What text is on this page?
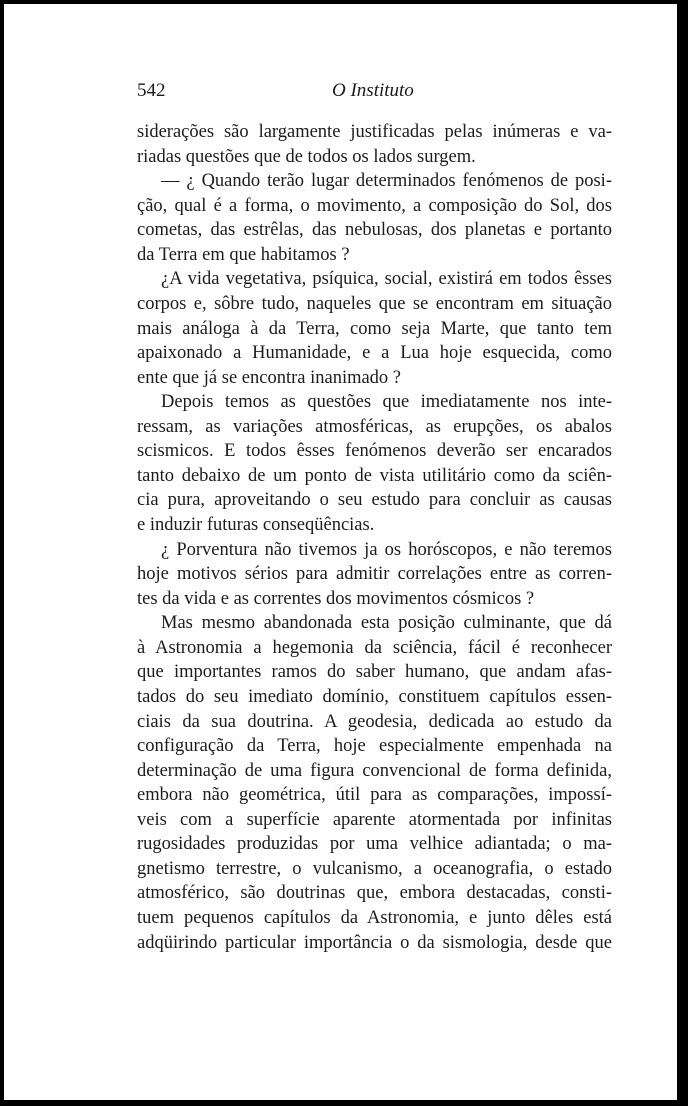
542	O Instituto
siderações são largamente justificadas pelas inúmeras e va-
riadas questões que de todos os lados surgem.
— ¿ Quando terão lugar determinados fenómenos de posi-
ção, qual é a forma, o movimento, a composição do Sol, dos
cometas, das estrêlas, das nebulosas, dos planetas e portanto
da Terra em que habitamos ?
¿A vida vegetativa, psíquica, social, existirá em todos êsses
corpos e, sôbre tudo, naqueles que se encontram em situação
mais análoga à da Terra, como seja Marte, que tanto tem
apaixonado a Humanidade, e a Lua hoje esquecida, como
ente que já se encontra inanimado ?
Depois temos as questões que imediatamente nos inte-
ressam, as variações atmosféricas, as erupções, os abalos
scismicos. E todos êsses fenómenos deverão ser encarados
tanto debaixo de um ponto de vista utilitário como da sciên-
cia pura, aproveitando o seu estudo para concluir as causas
e induzir futuras conseqüências.
¿ Porventura não tivemos ja os horóscopos, e não teremos
hoje motivos sérios para admitir correlações entre as corren-
tes da vida e as correntes dos movimentos cósmicos ?
Mas mesmo abandonada esta posição culminante, que dá
à Astronomia a hegemonia da sciência, fácil é reconhecer
que importantes ramos do saber humano, que andam afas-
tados do seu imediato domínio, constituem capítulos essen-
ciais da sua doutrina. A geodesia, dedicada ao estudo da
configuração da Terra, hoje especialmente empenhada na
determinação de uma figura convencional de forma definida,
embora não geométrica, útil para as comparações, impossí-
veis com a superfície aparente atormentada por infinitas
rugosidades produzidas por uma velhice adiantada; o ma-
gnetismo terrestre, o vulcanismo, a oceanografia, o estado
atmosférico, são doutrinas que, embora destacadas, consti-
tuem pequenos capítulos da Astronomia, e junto dêles está
adqüirindo particular importância o da sismologia, desde que
